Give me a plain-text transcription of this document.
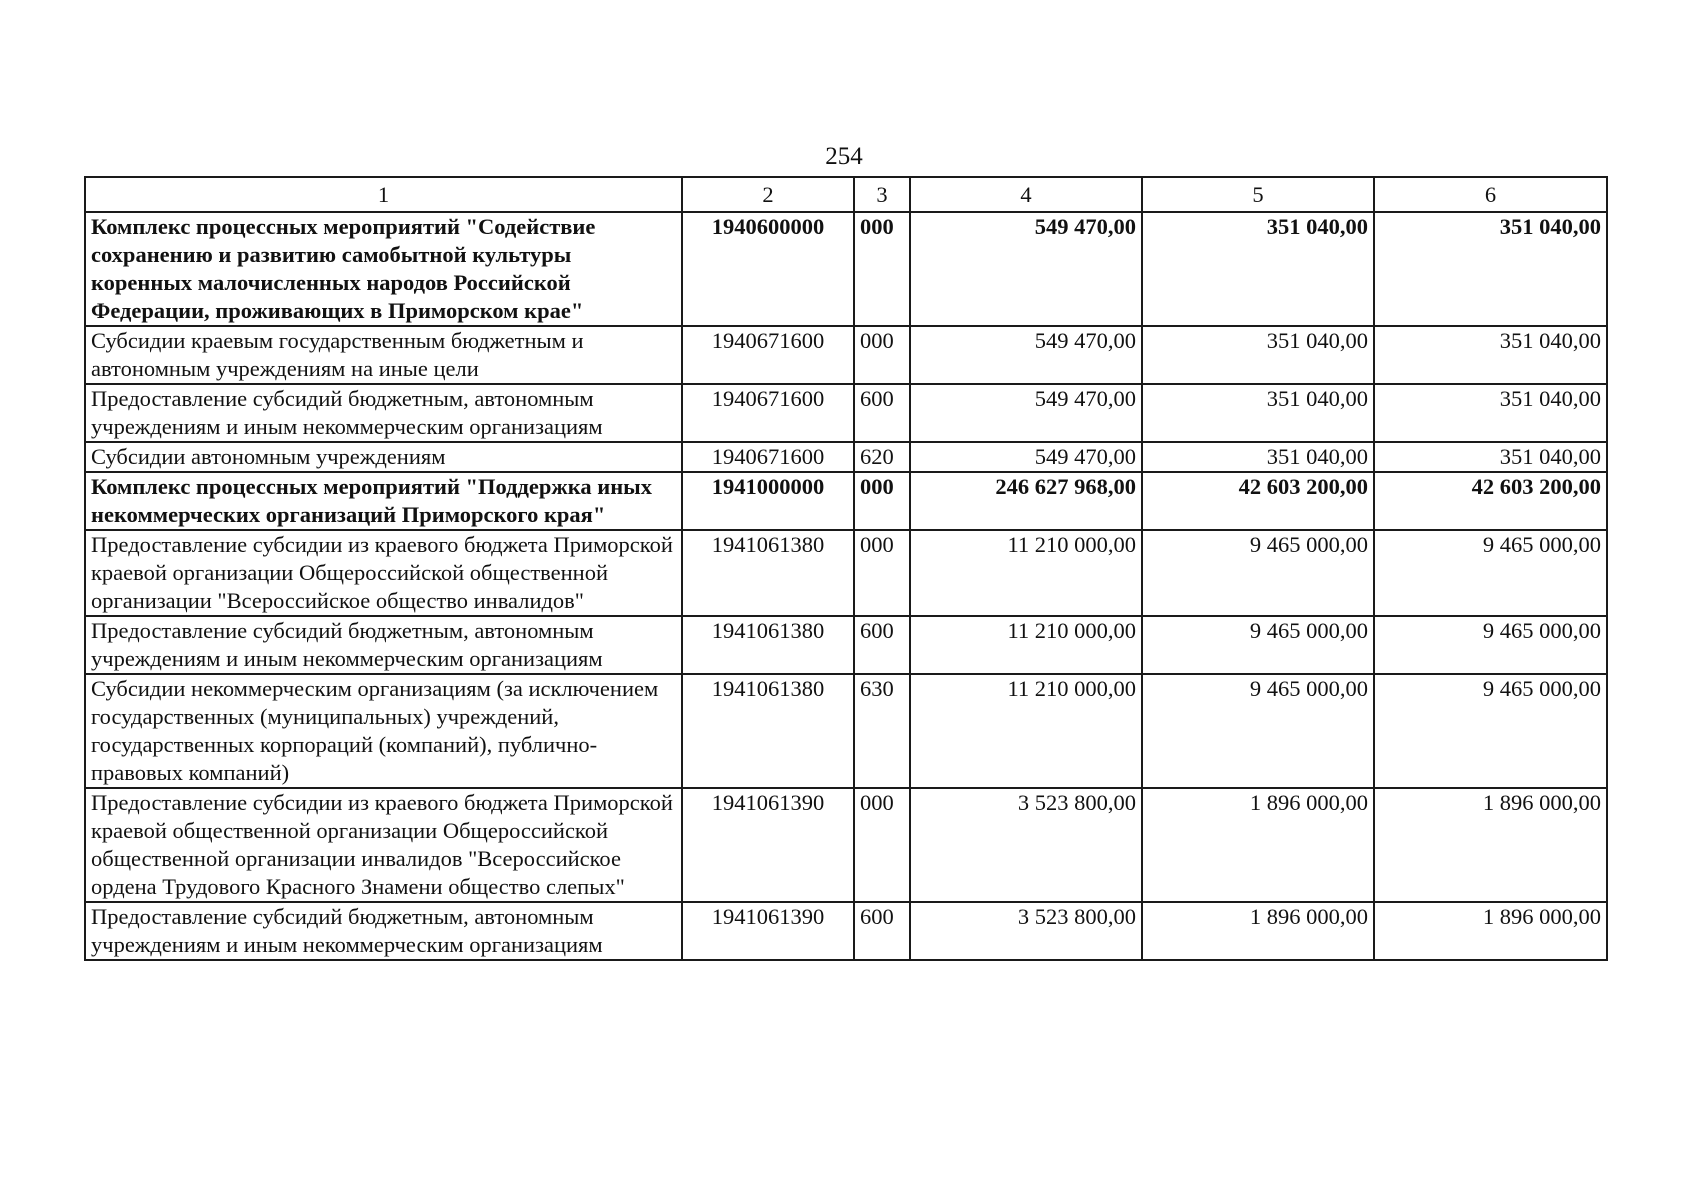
254
1	2	3	4	5	6
Комплекс процессных мероприятий "Содействие сохранению и развитию самобытной культуры коренных малочисленных народов Российской Федерации, проживающих в Приморском крае"	1940600000	000	549 470,00	351 040,00	351 040,00
Субсидии краевым государственным бюджетным и автономным учреждениям на иные цели	1940671600	000	549 470,00	351 040,00	351 040,00
Предоставление субсидий бюджетным, автономным учреждениям и иным некоммерческим организациям	1940671600	600	549 470,00	351 040,00	351 040,00
Субсидии автономным учреждениям	1940671600	620	549 470,00	351 040,00	351 040,00
Комплекс процессных мероприятий "Поддержка иных некоммерческих организаций Приморского края"	1941000000	000	246 627 968,00	42 603 200,00	42 603 200,00
Предоставление субсидии из краевого бюджета Приморской краевой организации Общероссийской общественной организации "Всероссийское общество инвалидов"	1941061380	000	11 210 000,00	9 465 000,00	9 465 000,00
Предоставление субсидий бюджетным, автономным учреждениям и иным некоммерческим организациям	1941061380	600	11 210 000,00	9 465 000,00	9 465 000,00
Субсидии некоммерческим организациям (за исключением государственных (муниципальных) учреждений, государственных корпораций (компаний), публично-правовых компаний)	1941061380	630	11 210 000,00	9 465 000,00	9 465 000,00
Предоставление субсидии из краевого бюджета Приморской краевой общественной организации Общероссийской общественной организации инвалидов "Всероссийское ордена Трудового Красного Знамени общество слепых"	1941061390	000	3 523 800,00	1 896 000,00	1 896 000,00
Предоставление субсидий бюджетным, автономным учреждениям и иным некоммерческим организациям	1941061390	600	3 523 800,00	1 896 000,00	1 896 000,00
